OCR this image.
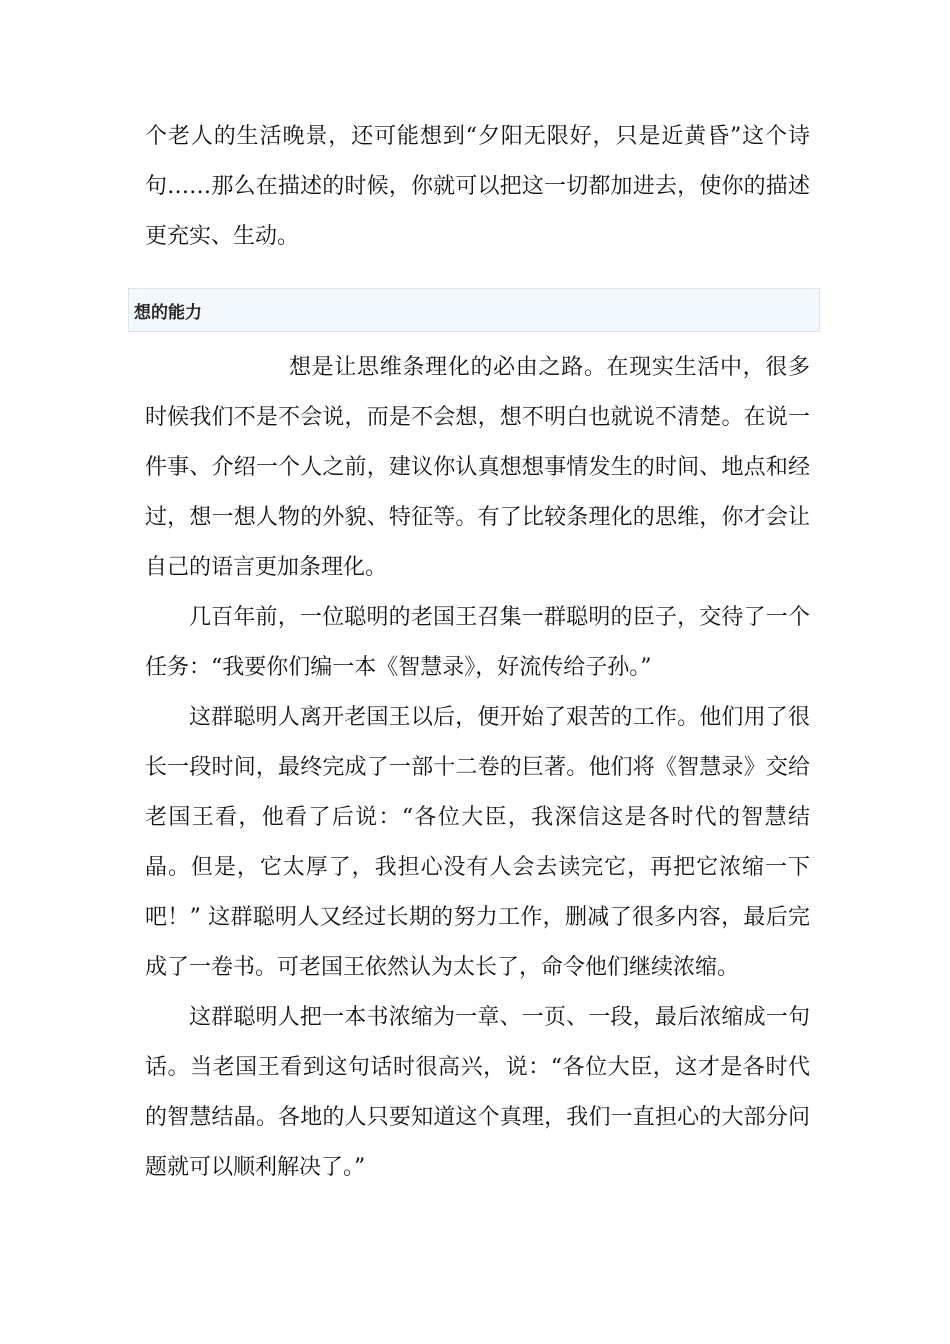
个老人的生活晚景，还可能想到“夕阳无限好，只是近黄昏”这个诗句……那么在描述的时候，你就可以把这一切都加进去，使你的描述更充实、生动。

想的能力

想是让思维条理化的必由之路。在现实生活中，很多时候我们不是不会说，而是不会想，想不明白也就说不清楚。在说一件事、介绍一个人之前，建议你认真想想事情发生的时间、地点和经过，想一想人物的外貌、特征等。有了比较条理化的思维，你才会让自己的语言更加条理化。

几百年前，一位聪明的老国王召集一群聪明的臣子，交待了一个任务：“我要你们编一本《智慧录》，好流传给子孙。”

这群聪明人离开老国王以后，便开始了艰苦的工作。他们用了很长一段时间，最终完成了一部十二卷的巨著。他们将《智慧录》交给老国王看，他看了后说：“各位大臣，我深信这是各时代的智慧结晶。但是，它太厚了，我担心没有人会去读完它，再把它浓缩一下吧！” 这群聪明人又经过长期的努力工作，删减了很多内容，最后完成了一卷书。可老国王依然认为太长了，命令他们继续浓缩。

这群聪明人把一本书浓缩为一章、一页、一段，最后浓缩成一句话。当老国王看到这句话时很高兴，说：“各位大臣，这才是各时代的智慧结晶。各地的人只要知道这个真理，我们一直担心的大部分问题就可以顺利解决了。”
